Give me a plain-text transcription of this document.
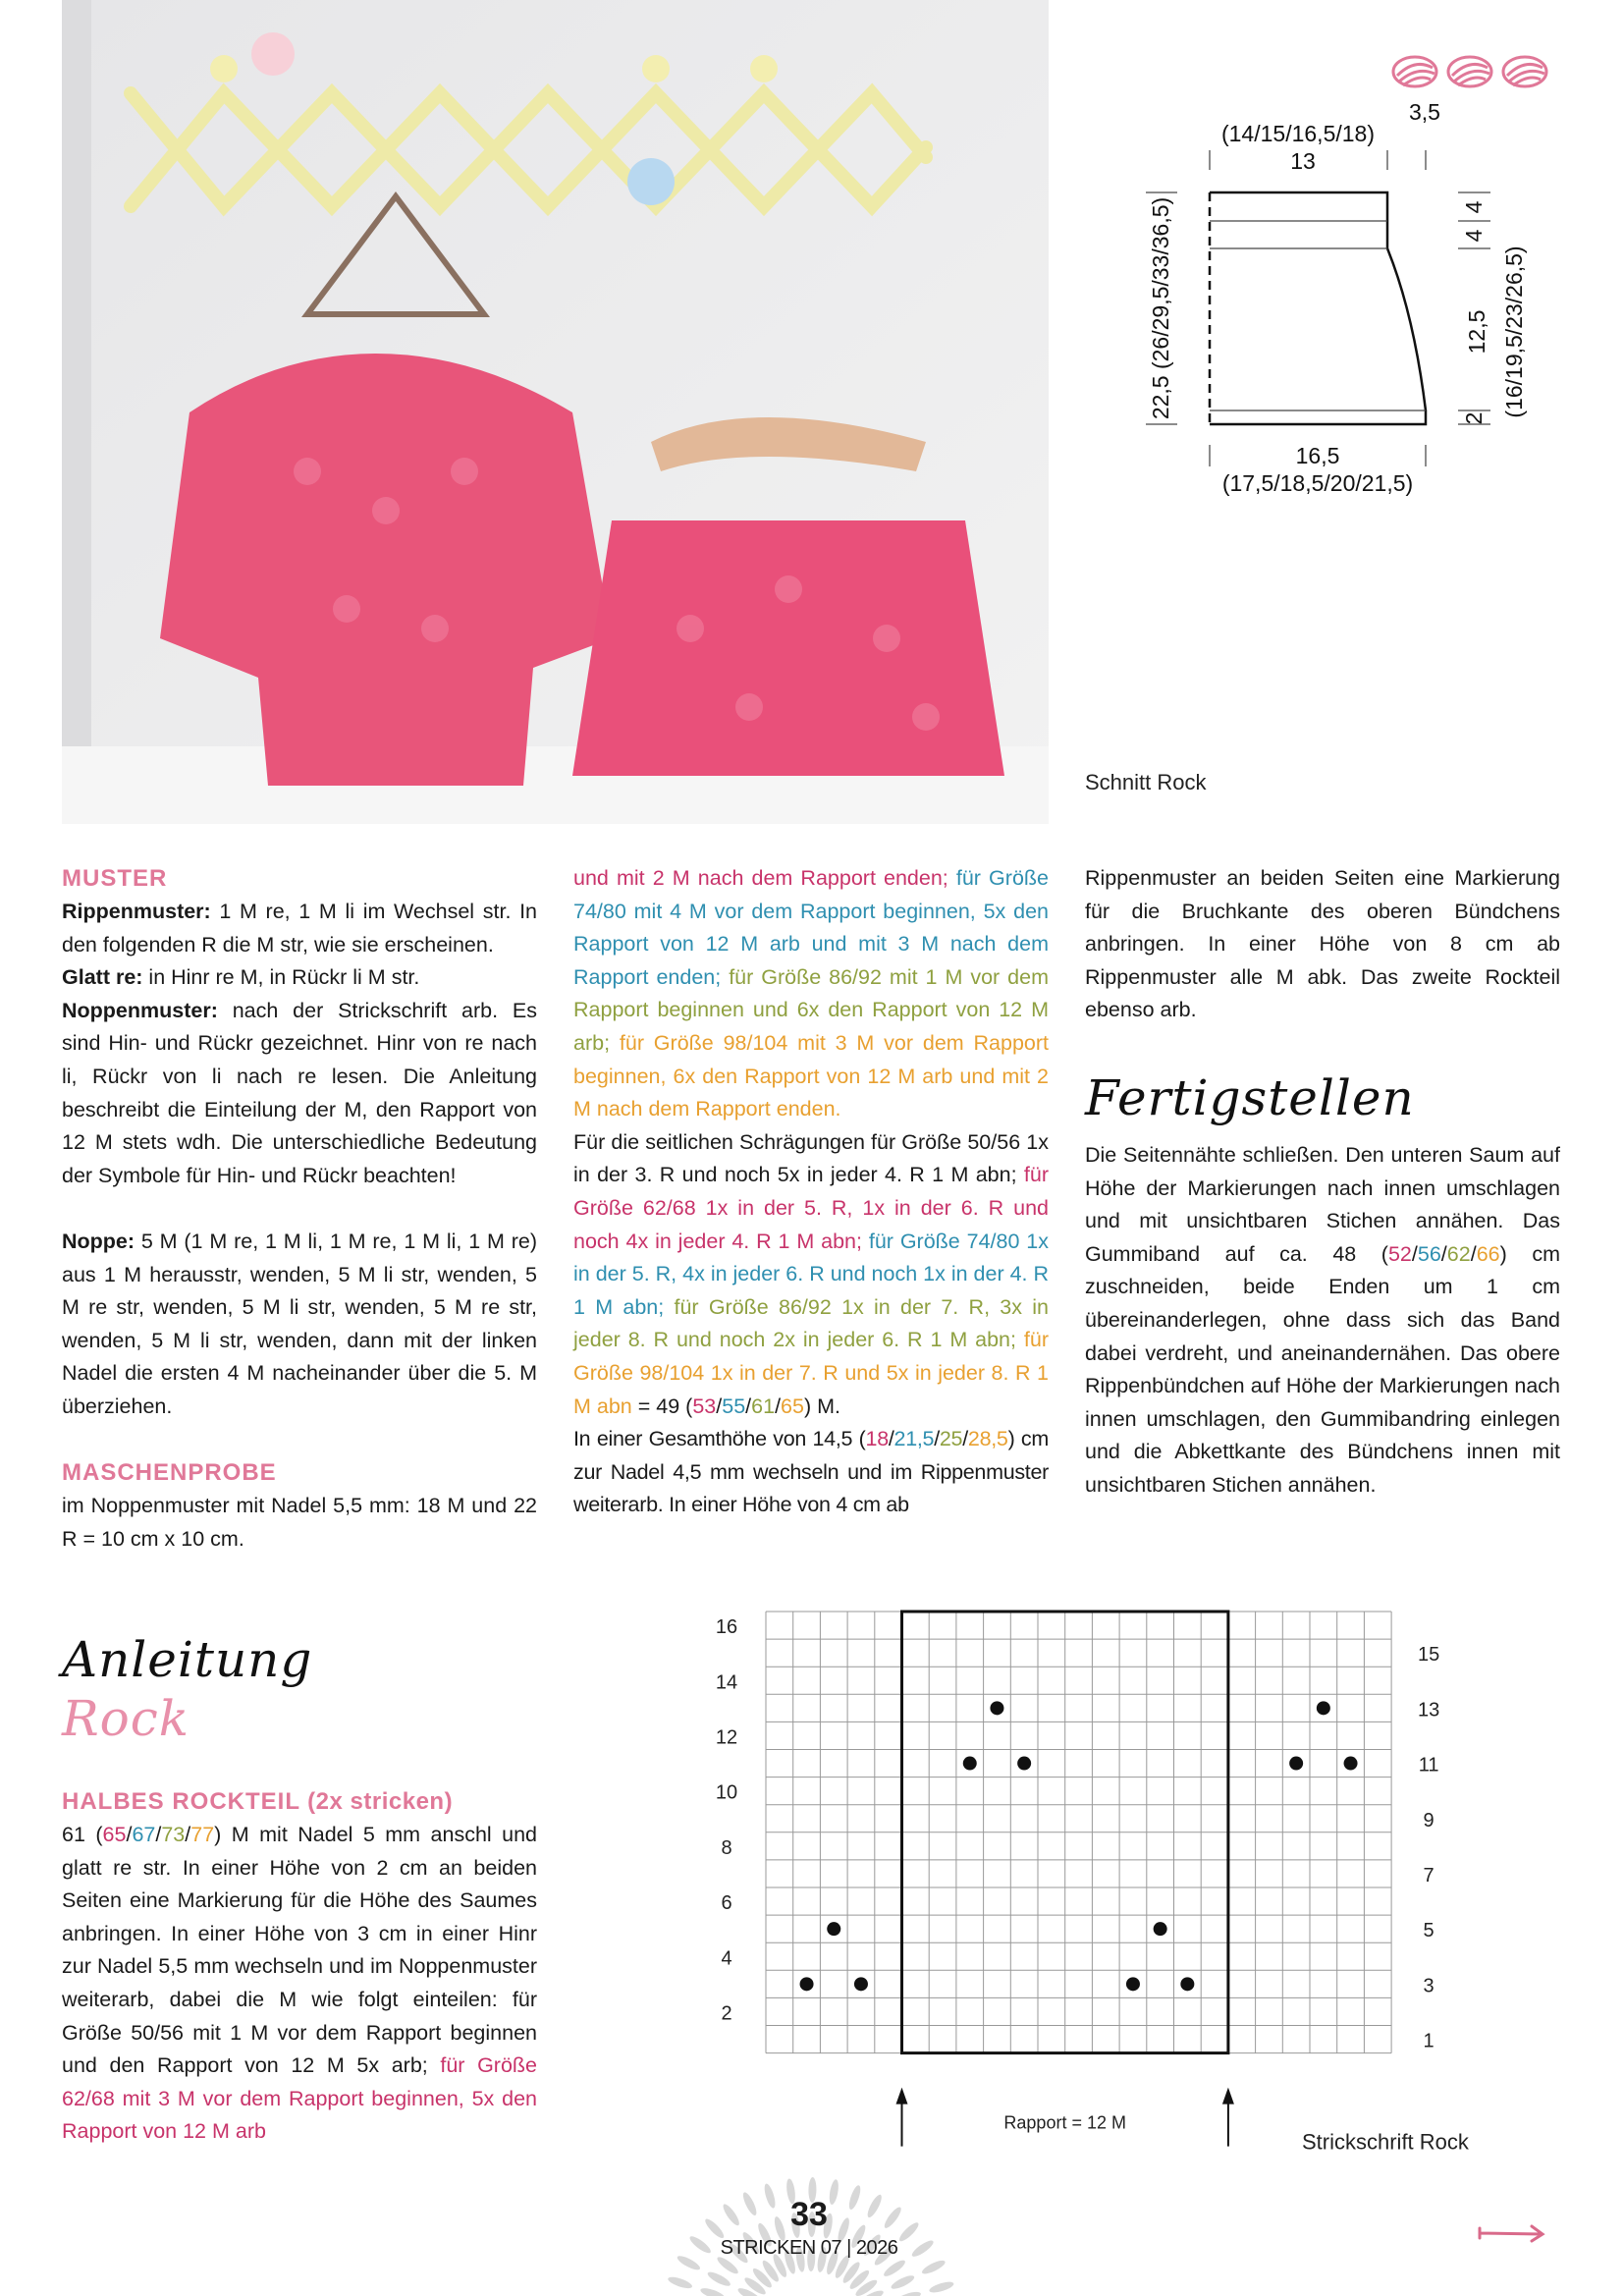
3,5
(14/15/16,5/18)
13
22,5 (26/29,5/33/36,5)	4
4
12,5 (16/19,5/23/26,5)
2
16,5
(17,5/18,5/20/21,5)
Schnitt Rock
MUSTER

Rippenmuster: 1 M re, 1 M li im Wechsel str. In den folgenden R die M str, wie sie erscheinen.

Glatt re: in Hinr re M, in Rückr li M str.

Noppenmuster: nach der Strickschrift arb. Es sind Hin- und Rückr gezeichnet. Hinr von re nach li, Rückr von li nach re lesen. Die Anleitung beschreibt die Einteilung der M, den Rapport von 12 M stets wdh. Die unterschiedliche Bedeutung der Symbole für Hin- und Rückr beachten!

Noppe: 5 M (1 M re, 1 M li, 1 M re, 1 M li, 1 M re) aus 1 M herausstr, wenden, 5 M li str, wenden, 5 M re str, wenden, 5 M li str, wenden, 5 M re str, wenden, 5 M li str, wenden, dann mit der linken Nadel die ersten 4 M nacheinander über die 5. M überziehen.

MASCHENPROBE

im Noppenmuster mit Nadel 5,5 mm: 18 M und 22 R = 10 cm x 10 cm.

Anleitung
Rock
HALBES ROCKTEIL (2x stricken)

61 (65/67/73/77) M mit Nadel 5 mm anschl und glatt re str. In einer Höhe von 2 cm an beiden Seiten eine Markierung für die Höhe des Saumes anbringen. In einer Höhe von 3 cm in einer Hinr zur Nadel 5,5 mm wechseln und im Noppenmuster weiterarb, dabei die M wie folgt einteilen: für Größe 50/56 mit 1 M vor dem Rapport beginnen und den Rapport von 12 M 5x arb; für Größe 62/68 mit 3 M vor dem Rapport beginnen, 5x den Rapport von 12 M arb

und mit 2 M nach dem Rapport enden; für Größe 74/80 mit 4 M vor dem Rapport beginnen, 5x den Rapport von 12 M arb und mit 3 M nach dem Rapport enden; für Größe 86/92 mit 1 M vor dem Rapport beginnen und 6x den Rapport von 12 M arb; für Größe 98/104 mit 3 M vor dem Rapport beginnen, 6x den Rapport von 12 M arb und mit 2 M nach dem Rapport enden.

Für die seitlichen Schrägungen für Größe 50/56 1x in der 3. R und noch 5x in jeder 4. R 1 M abn; für Größe 62/68 1x in der 5. R, 1x in der 6. R und noch 4x in jeder 4. R 1 M abn; für Größe 74/80 1x in der 5. R, 4x in jeder 6. R und noch 1x in der 4. R 1 M abn; für Größe 86/92 1x in der 7. R, 3x in jeder 8. R und noch 2x in jeder 6. R 1 M abn; für Größe 98/104 1x in der 7. R und 5x in jeder 8. R 1 M abn = 49 (53/55/61/65) M.

In einer Gesamthöhe von 14,5 (18/21,5/25/28,5) cm zur Nadel 4,5 mm wechseln und im Rippenmuster weiterarb. In einer Höhe von 4 cm ab

Rippenmuster an beiden Seiten eine Markierung für die Bruchkante des oberen Bündchens anbringen. In einer Höhe von 8 cm ab Rippenmuster alle M abk. Das zweite Rockteil ebenso arb.

Fertigstellen

Die Seitennähte schließen. Den unteren Saum auf Höhe der Markierungen nach innen umschlagen und mit unsichtbaren Stichen annähen. Das Gummiband auf ca. 48 (52/56/62/66) cm zuschneiden, beide Enden um 1 cm übereinanderlegen, ohne dass sich das Band dabei verdreht, und aneinandernähen. Das obere Rippenbündchen auf Höhe der Markierungen nach innen umschlagen, den Gummibandring einlegen und die Abkettkante des Bündchens innen mit unsichtbaren Stichen annähen.

2
4
6
8
10
12
14
16
1
3
5
7
9
11
13
15
Rapport = 12 M
Strickschrift Rock
33
STRICKEN 07 | 2026
